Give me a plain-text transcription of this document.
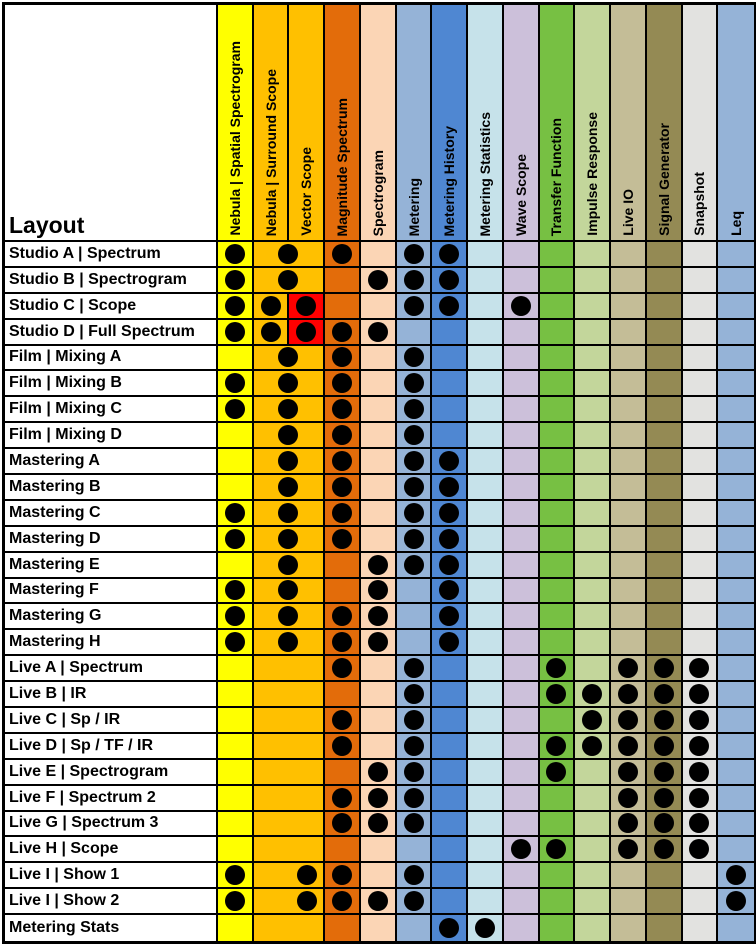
Layout	Nebula | Spatial Spectrogram Nebula | Surround Scope Vector Scope Magnitude Spectrum Spectrogram Metering Metering History Metering Statistics Wave Scope Transfer Function Impulse Response Live IO Signal Generator Snapshot Leq
Studio A | Spectrum
Studio B | Spectrogram
Studio C | Scope
Studio D | Full Spectrum
Film | Mixing A
Film | Mixing B
Film | Mixing C
Film | Mixing D
Mastering A
Mastering B
Mastering C
Mastering D
Mastering E
Mastering F
Mastering G
Mastering H
Live A | Spectrum
Live B | IR
Live C | Sp / IR
Live D | Sp / TF / IR
Live E | Spectrogram
Live F | Spectrum 2
Live G | Spectrum 3
Live H | Scope
Live I | Show 1
Live I | Show 2
Metering Stats
